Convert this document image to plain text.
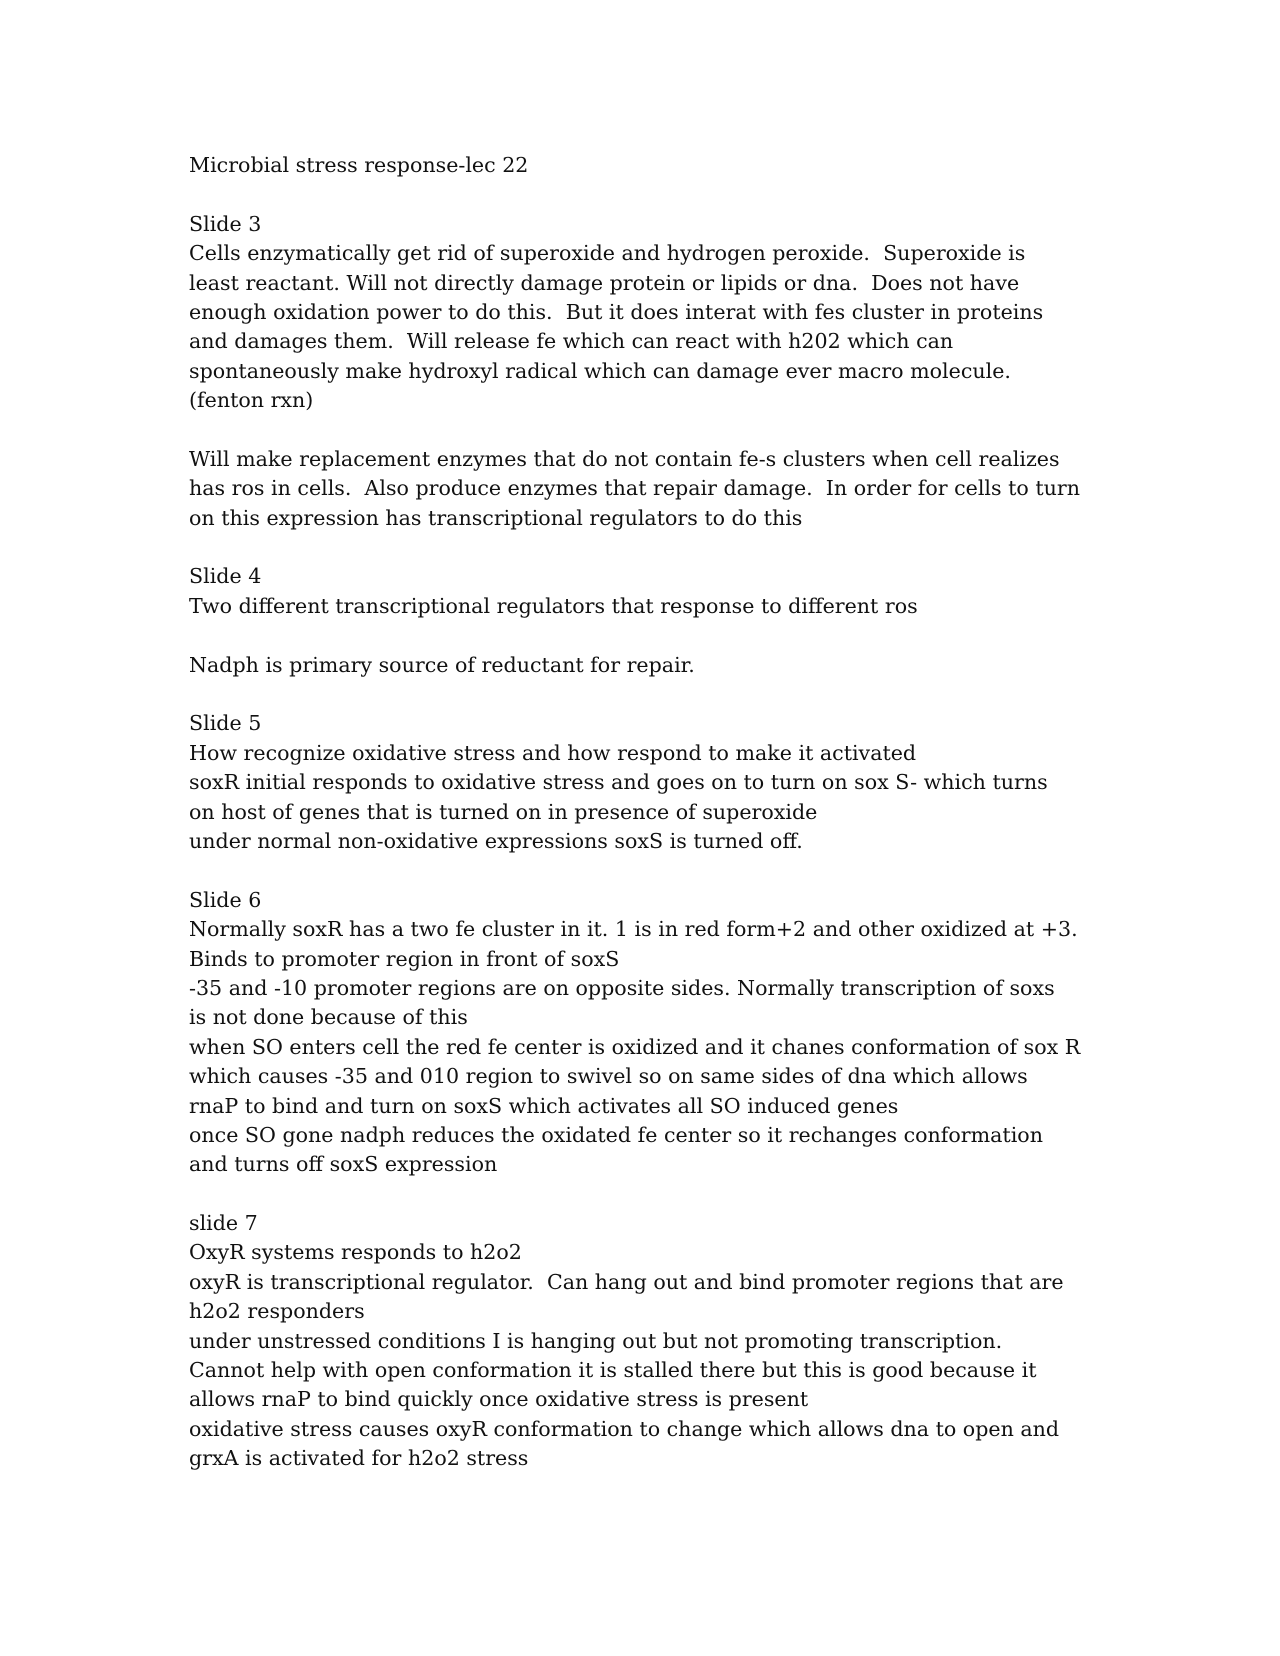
Microbial stress response-lec 22
Slide 3
Cells enzymatically get rid of superoxide and hydrogen peroxide.  Superoxide is
least reactant. Will not directly damage protein or lipids or dna.  Does not have
enough oxidation power to do this.  But it does interat with fes cluster in proteins
and damages them.  Will release fe which can react with h202 which can
spontaneously make hydroxyl radical which can damage ever macro molecule.
(fenton rxn)
Will make replacement enzymes that do not contain fe-s clusters when cell realizes
has ros in cells.  Also produce enzymes that repair damage.  In order for cells to turn
on this expression has transcriptional regulators to do this
Slide 4
Two different transcriptional regulators that response to different ros
Nadph is primary source of reductant for repair.
Slide 5
How recognize oxidative stress and how respond to make it activated
soxR initial responds to oxidative stress and goes on to turn on sox S- which turns
on host of genes that is turned on in presence of superoxide
under normal non-oxidative expressions soxS is turned off.
Slide 6
Normally soxR has a two fe cluster in it. 1 is in red form+2 and other oxidized at +3.
Binds to promoter region in front of soxS
-35 and -10 promoter regions are on opposite sides. Normally transcription of soxs
is not done because of this
when SO enters cell the red fe center is oxidized and it chanes conformation of sox R
which causes -35 and 010 region to swivel so on same sides of dna which allows
rnaP to bind and turn on soxS which activates all SO induced genes
once SO gone nadph reduces the oxidated fe center so it rechanges conformation
and turns off soxS expression
slide 7
OxyR systems responds to h2o2
oxyR is transcriptional regulator.  Can hang out and bind promoter regions that are
h2o2 responders
under unstressed conditions I is hanging out but not promoting transcription.
Cannot help with open conformation it is stalled there but this is good because it
allows rnaP to bind quickly once oxidative stress is present
oxidative stress causes oxyR conformation to change which allows dna to open and
grxA is activated for h2o2 stress
